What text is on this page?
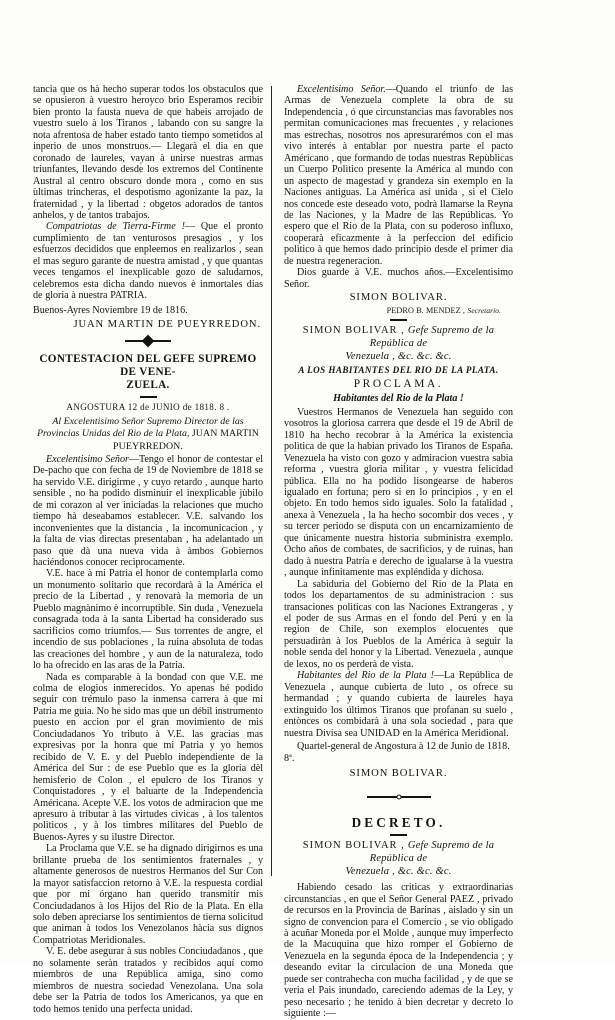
tancia que os hà hecho superar todos los obstaculos que se opusieron à vuestro heroyco brio Esperamos recibir bien pronto la fausta nueva de que habeis arrojado de vuestro suelo à los Tiranos , labando con su sangre la nota afrentosa de haber estado tanto tiempo sometidos al inperio de unos monstruos.— Llegarà el dia en que coronado de laureles, vayan à unirse nuestras armas triunfantes, llevando desde los extremos del Continente Austral al centro obscuro donde mora , como en sus ùltimas trincheras, el despotismo agonizante la paz, la fraternidad , y la libertad : obgetos adorados de tantos anhelos, y de tantos trabajos.

Compatriotas de Tierra-Firme !— Que el pronto cumplimiento de tan venturosos presagios , y los esfuerzos decididos que enpleemos en realizarlos , sean el mas seguro garante de nuestra amistad , y que quantas veces tengamos el inexplicable gozo de saludarnos, celebremos esta dicha dando nuevos è inmortales dias de gloria à nuestra PATRIA.

Buenos-Ayres Noviembre 19 de 1816.

JUAN MARTIN DE PUEYRREDON.

CONTESTACION DEL GEFE SUPREMO DE VENE-
ZUELA.

ANGOSTURA 12 de JUNIO de 1818. 8 .

Al Excelentisimo Señor Supremo Director de las Provincias Unidas del Rio de la Plata, JUAN MARTIN PUEYRREDON.

Excelentisimo Señor—Tengo el honor de contestar el De-pacho que con fecha de 19 de Noviembre de 1818 se ha servido V.E. dirigirme , y cuyo retardo , aunque harto sensible , no ha podido disminuir el inexplicable jùbilo de mi corazon al ver iniciadas la relaciones que mucho tiempo hà deseabamos establecer. V.E. salvando los inconvenientes que la distancia , la incomunicacion , y la falta de vias directas presentaban , ha adelantado un paso que dà una nueva vida à àmbos Gobiernos haciéndonos conocer recìprocamente.

V.E. hace à mi Patria el honor de contemplarla como un monumento solitario que recordarà à la América el precio de la Libertad , y renovarà la memoria de un Pueblo magnànimo è incorruptible. Sin duda , Venezuela consagrada toda à la santa Libertad ha considerado sus sacrificios como triumfos.— Sus torrentes de angre, el incendio de sus poblaciones , la ruina absoluta de todas las creaciones del hombre , y aun de la naturaleza, todo lo ha ofrecido en las aras de la Patria.

Nada es comparable à la bondad con que V.E. me colma de elogios inmerecidos. Yo apenas hé podido seguir con trémulo paso la inmensa carrera à que mi Patria me guia. No he sido mas que un débil instrumento puesto en accion por el gran movimiento de mis Conciudadanos Yo tributo à V.E. las gracias mas expresivas por la honra que mi Patria y yo hemos recibido de V. E. y del Pueblo independiente de la América del Sur : de ese Pueblo que es la gloria dèl hemisferio de Colon , el epulcro de los Tiranos y Conquistadores , y el baluarte de la Independencia Américana. Acepte V.E. los votos de admiracion que me apresuro à tributar à las virtudes cìvicas , à los talentos polìticos , y à los timbres militares del Pueblo de Buenos-Ayres y su ilustre Director.

La Proclama que V.E. se ha dignado dirigirnos es una brillante prueba de los sentimientos fraternales , y altamente generosos de nuestros Hermanos del Sur Con la mayor satisfaccion retorno à V.E. la respuesta cordial que por mi órgano han querido transmitir mis Conciudadanos à los Hijos del Rio de la Plata. En ella solo deben apreciarse los sentimientos de tierna solicitud que animan à todos los Venezolanos hàcia sus dignos Compatriotas Meridionales.

V. E. debe asegurar à sus nobles Conciudadanos , que no solamente seràn tratados y recibidos aquí como miembros de una República amiga, sino como miembros de nuestra sociedad Venezolana. Una sola debe ser la Patria de todos los Americanos, ya que en todo hemos tenido una perfecta unidad.

Excelentisimo Señor.—Quando el triunfo de las Armas de Venezuela complete la obra de su Independencia , ó que circunstancias mas favorables nos permitan comunicaciones mas frecuentes , y relaciones mas estrechas, nosotros nos apresurarémos con el mas vivo interés à entablar por nuestra parte el pacto Américano , que formando de todas nuestras Repùblicas un Cuerpo Polìtico presente la América al mundo con un aspecto de magestad y grandeza sin exemplo en la Naciones antiguas. La América así unida , si el Cielo nos concede este deseado voto, podrà llamarse la Reyna de las Naciones, y la Madre de las Repúblicas. Yo espero que el Rio de la Plata, con su poderoso influxo, cooperarà eficazmente à la perfeccion del edificio polìtico à que hemos dado principio desde el primer dia de nuestra regeneracion.

Dios guarde à V.E. muchos años.—Excelentìsimo Señor.

SIMON BOLIVAR.

PEDRO B. MENDEZ , Secretario.

SIMON BOLIVAR , Gefe Supremo de la República de
Venezuela , &c. &c. &c.

A LOS HABITANTES DEL RIO DE LA PLATA.

PROCLAMA.

Habitantes del Rio de la Plata !

Vuestros Hermanos de Venezuela han seguido con vosotros la gloriosa carrera que desde el 19 de Abril de 1810 ha hecho recobrar à la América la existencia polìtica de que la habian privado los Tiranos de España. Venezuela ha visto con gozo y admiracion vuestra sabia reforma , vuestra gloria militar , y vuestra felicidad pública. Ella no ha podido lisongearse de haberos igualado en fortuna; pero si en lo principios , y en el objeto. En todo hemos sido iguales. Solo la fatalidad , anexa à Venezuela , la ha hecho socombir dos veces , y su tercer periodo se disputa con un encarnizamiento de que únicamente nuestra historia subministra exemplo. Ocho años de combates, de sacrificios, y de ruinas, han dado à nuestra Patria e derecho de igualarse à la vuestra , aunque infinitamente mas expléndida y dichosa.

La sabidurìa del Gobierno del Rio de la Plata en todos los departamentos de su administracion : sus transaciones polìticas con las Naciones Extrangeras , y el poder de sus Armas en el fondo del Perú y en la region de Chile, son exemplos elocuentes que persuadiràn à los Pueblos de la América à seguir la noble senda del honor y la Libertad. Venezuela , aunque de lexos, no os perderà de vista.

Habitantes del Rio de la Plata !—La República de Venezuela , aunque cubierta de luto , os ofrece su hermandad ; y quando cubierta de laureles haya extinguido los últimos Tiranos que profanan su suelo , entònces os combidarà à una sola sociedad , para que nuestra Divisa sea UNIDAD en la América Meridional.

Quartel-general de Angostura à 12 de Junio de 1818. 8ª.

SIMON BOLIVAR.

DECRETO.

SIMON BOLIVAR , Gefe Supremo de la República de
Venezuela , &c. &c. &c.

Habiendo cesado las criticas y extraordinarias circunstancias , en que el Señor General PAEZ , privado de recursos en la Provincia de Barinas , aislado y sin un signo de convencion para el Comercio , se vio obligado à acuñar Moneda por el Molde , aunque muy imperfecto de la Macuquina que hizo romper el Gobierno de Venezuela en la segunda época de la Independencia ; y deseando evitar la circulacion de una Moneda que puede ser contrahecha con mucha facilidad , y de que se veria el Pais inundado, careciendo ademas de la Ley, y peso necesario ; he tenido à bien decretar y decreto lo siguiente :—
